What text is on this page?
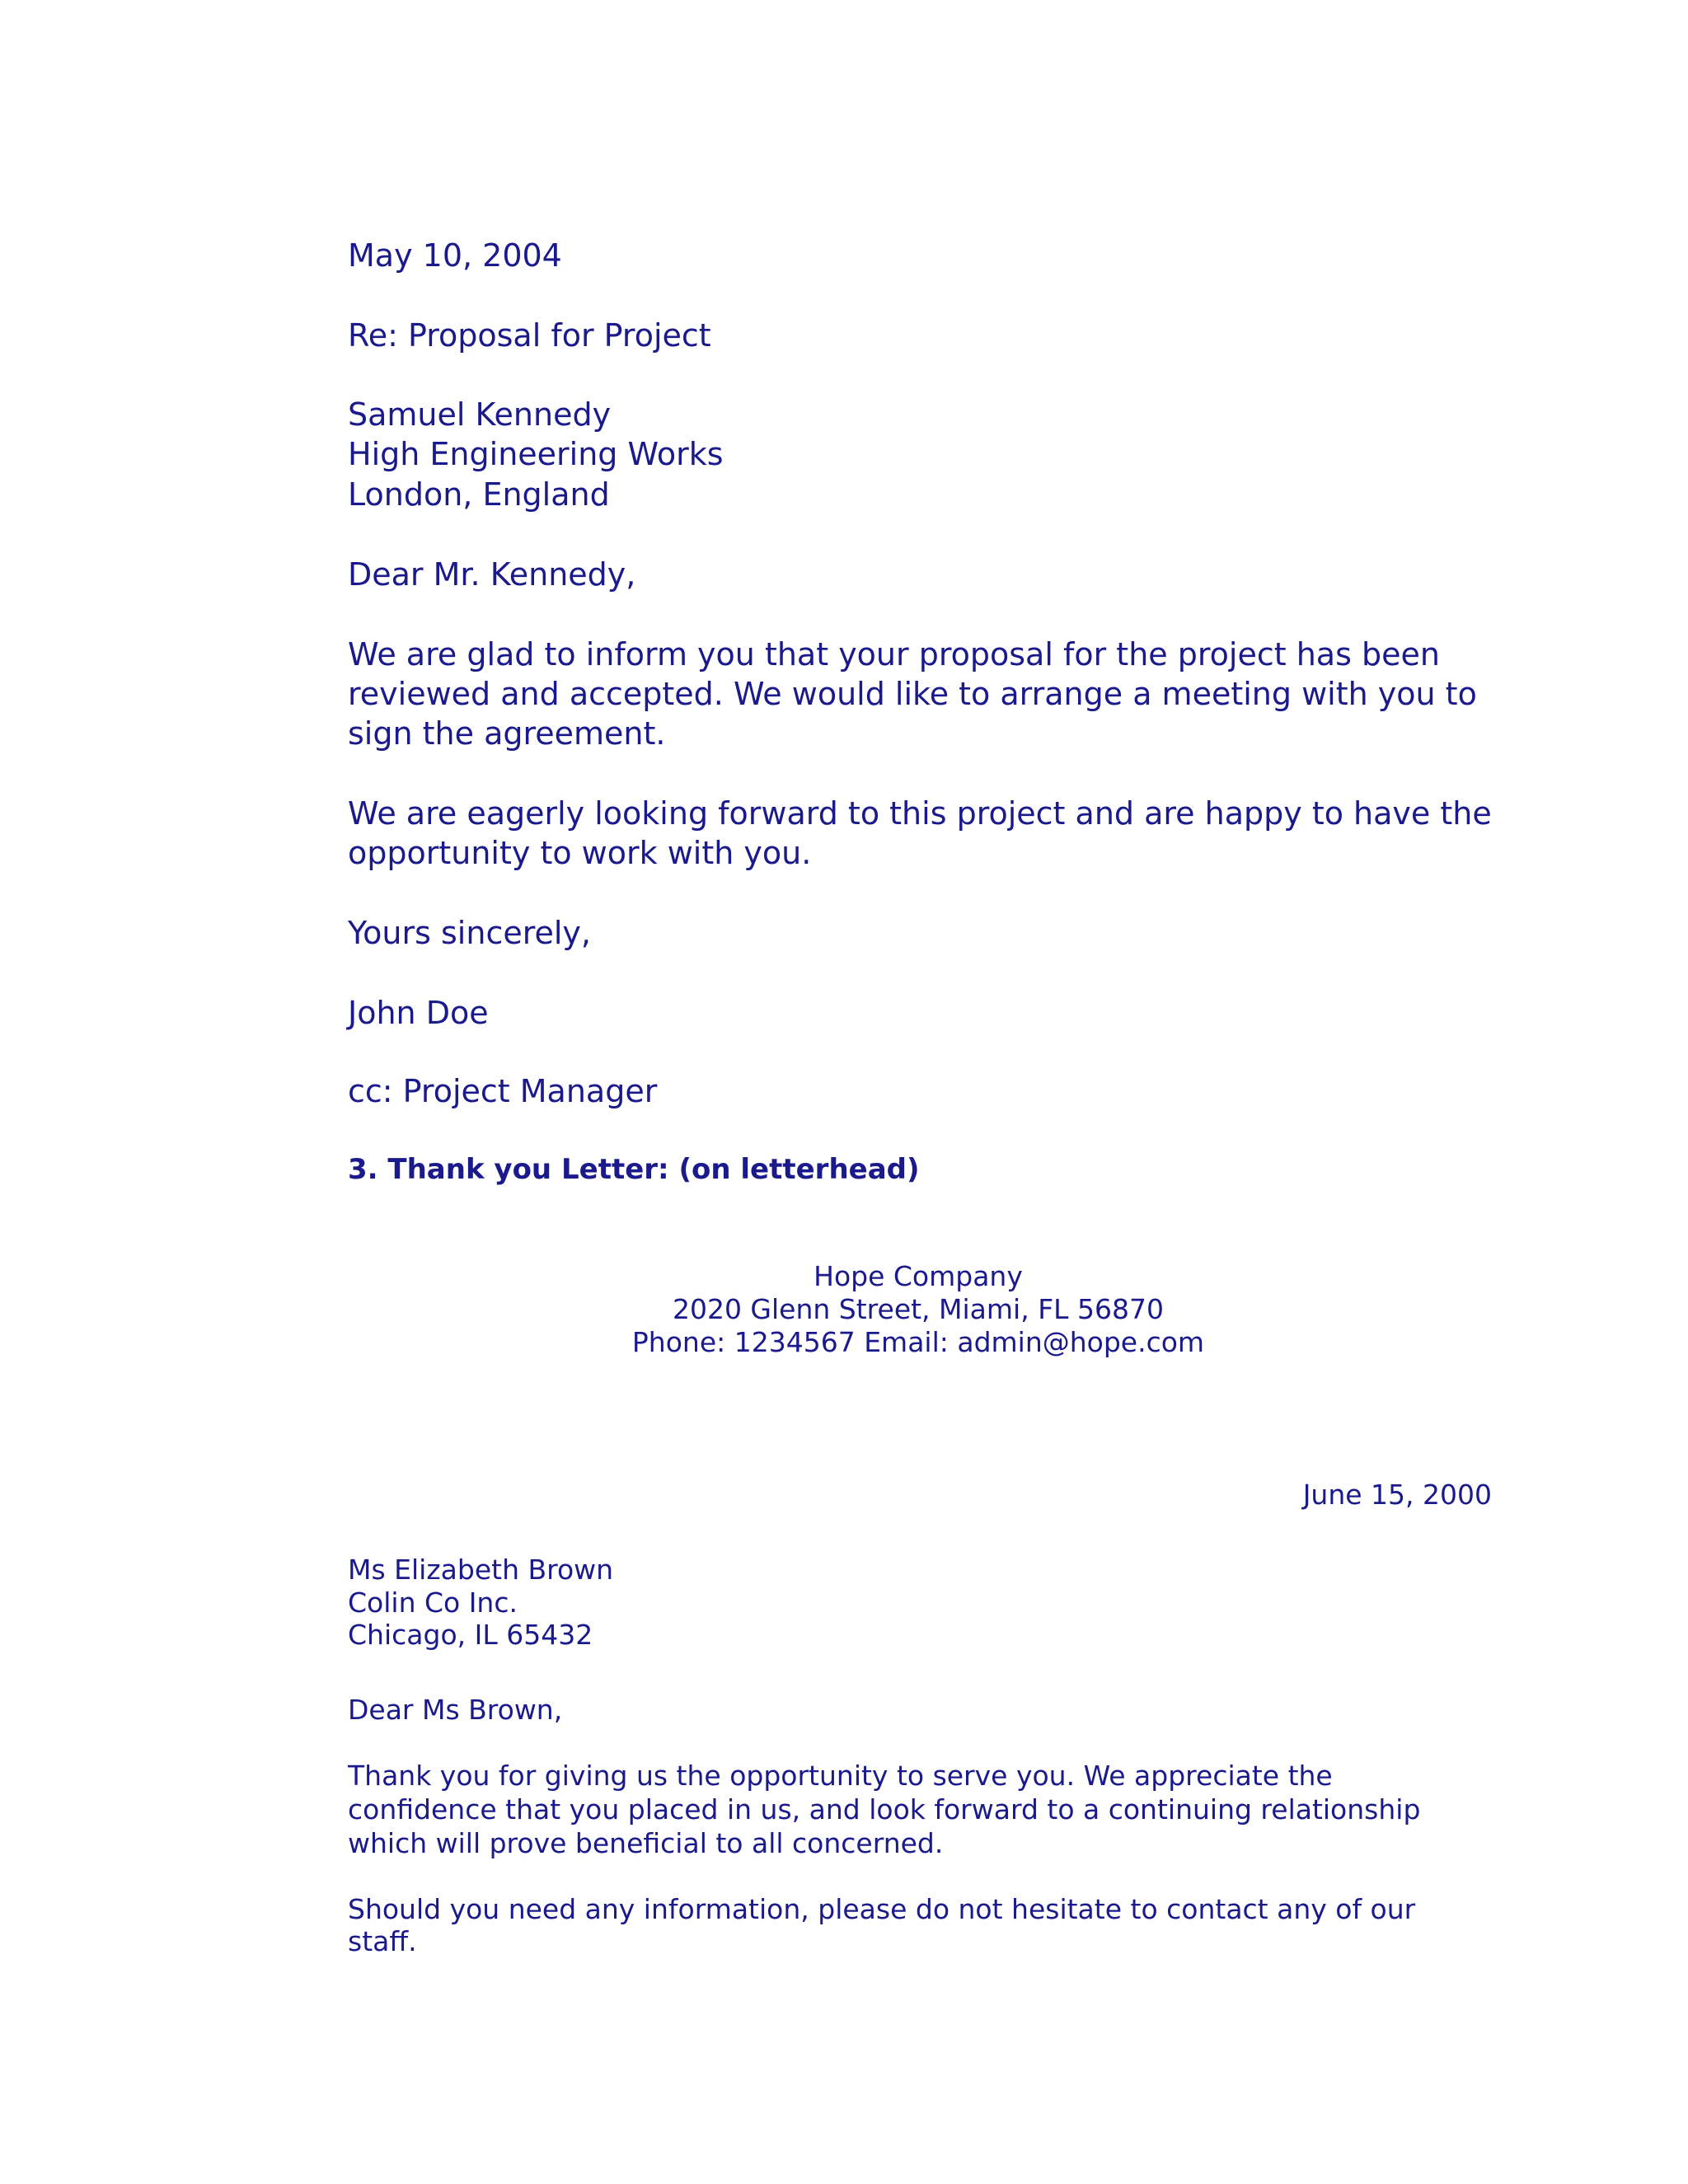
May 10, 2004

Re: Proposal for Project

Samuel Kennedy

High Engineering Works

London, England

Dear Mr. Kennedy,

We are glad to inform you that your proposal for the project has been

reviewed and accepted. We would like to arrange a meeting with you to

sign the agreement.

We are eagerly looking forward to this project and are happy to have the

opportunity to work with you.

Yours sincerely,

John Doe

cc: Project Manager

3. Thank you Letter: (on letterhead)

Hope Company

2020 Glenn Street, Miami, FL 56870

Phone: 1234567 Email: admin@hope.com

June 15, 2000

Ms Elizabeth Brown

Colin Co Inc.

Chicago, IL 65432

Dear Ms Brown,

Thank you for giving us the opportunity to serve you. We appreciate the

confidence that you placed in us, and look forward to a continuing relationship

which will prove beneficial to all concerned.

Should you need any information, please do not hesitate to contact any of our

staff.
